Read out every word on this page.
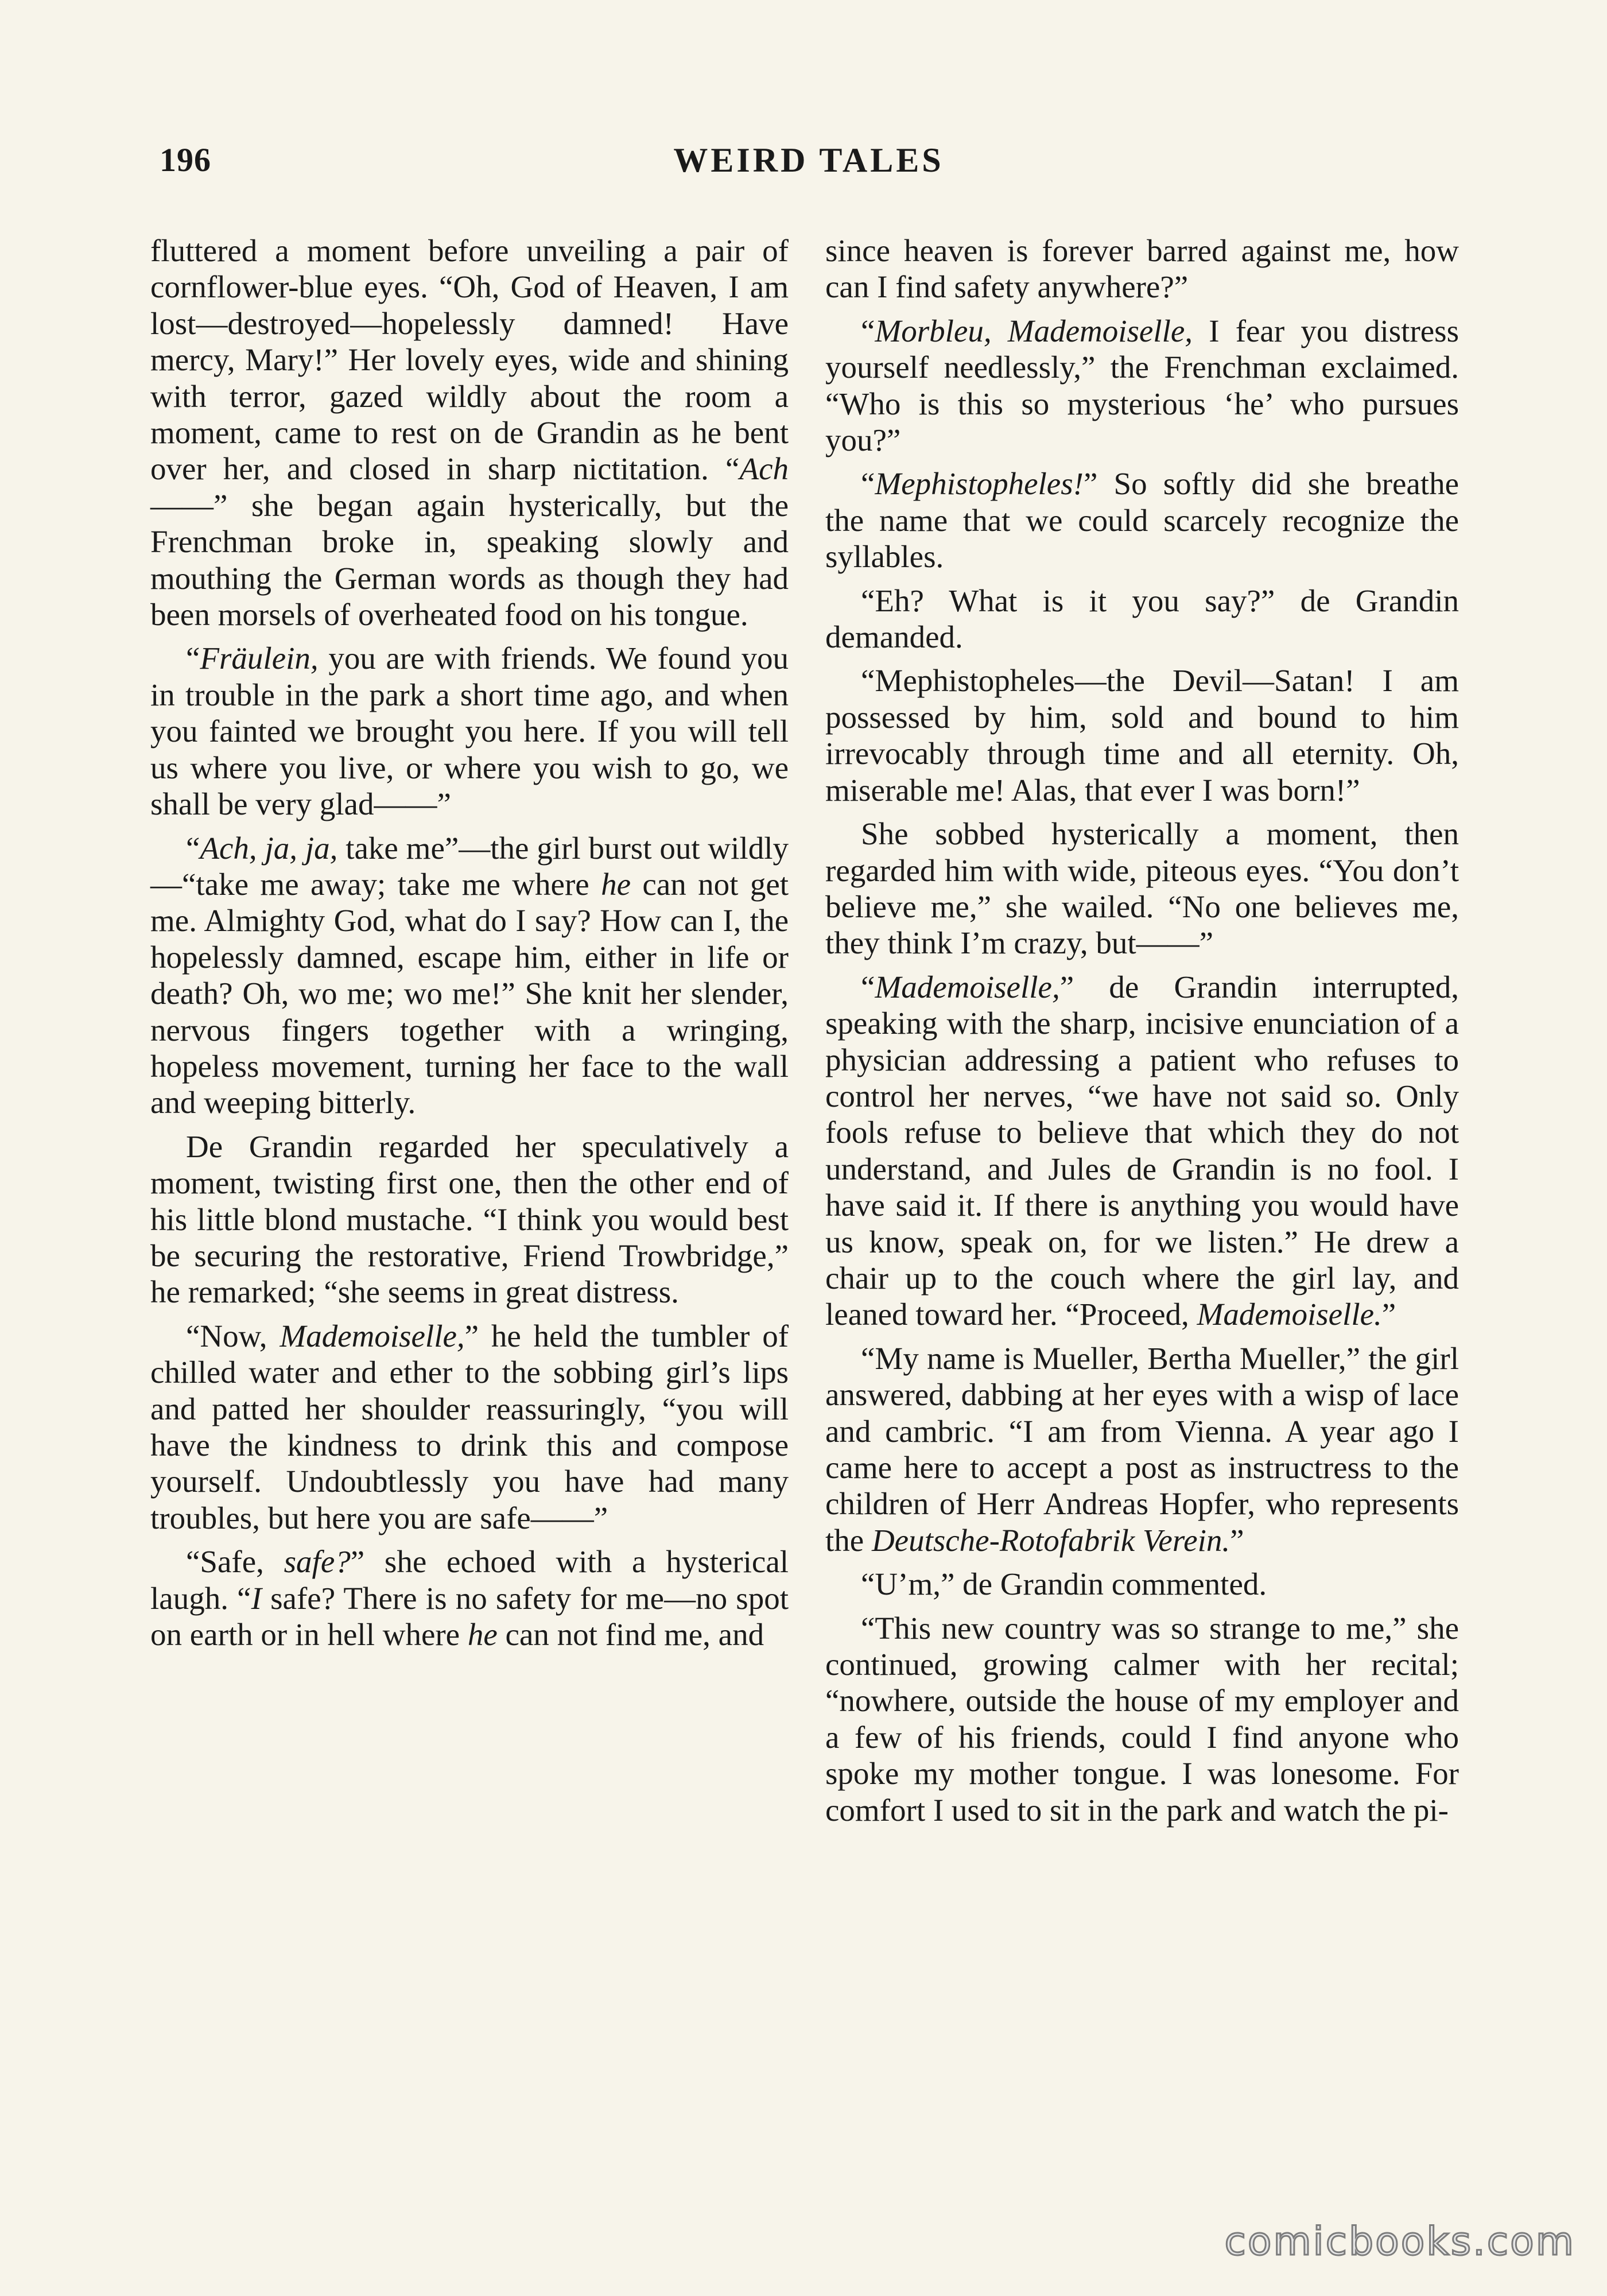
196	WEIRD TALES

fluttered a moment before unveiling a pair of cornflower-blue eyes. “Oh, God of Heaven, I am lost—destroyed—hopelessly damned! Have mercy, Mary!” Her lovely eyes, wide and shining with terror, gazed wildly about the room a moment, came to rest on de Grandin as he bent over her, and closed in sharp nictitation. “Ach——” she began again hysterically, but the Frenchman broke in, speaking slowly and mouthing the German words as though they had been morsels of overheated food on his tongue.

“Fräulein, you are with friends. We found you in trouble in the park a short time ago, and when you fainted we brought you here. If you will tell us where you live, or where you wish to go, we shall be very glad——”

“Ach, ja, ja, take me”—the girl burst out wildly—“take me away; take me where he can not get me. Almighty God, what do I say? How can I, the hopelessly damned, escape him, either in life or death? Oh, wo me; wo me!” She knit her slender, nervous fingers together with a wringing, hopeless movement, turning her face to the wall and weeping bitterly.

De Grandin regarded her speculatively a moment, twisting first one, then the other end of his little blond mustache. “I think you would best be securing the restorative, Friend Trowbridge,” he remarked; “she seems in great distress.

“Now, Mademoiselle,” he held the tumbler of chilled water and ether to the sobbing girl’s lips and patted her shoulder reassuringly, “you will have the kindness to drink this and compose yourself. Undoubtlessly you have had many troubles, but here you are safe——”

“Safe, safe?” she echoed with a hysterical laugh. “I safe? There is no safety for me—no spot on earth or in hell where he can not find me, and

since heaven is forever barred against me, how can I find safety anywhere?”

“Morbleu, Mademoiselle, I fear you distress yourself needlessly,” the Frenchman exclaimed. “Who is this so mysterious ‘he’ who pursues you?”

“Mephistopheles!” So softly did she breathe the name that we could scarcely recognize the syllables.

“Eh? What is it you say?” de Grandin demanded.

“Mephistopheles—the Devil—Satan! I am possessed by him, sold and bound to him irrevocably through time and all eternity. Oh, miserable me! Alas, that ever I was born!”

She sobbed hysterically a moment, then regarded him with wide, piteous eyes. “You don’t believe me,” she wailed. “No one believes me, they think I’m crazy, but——”

“Mademoiselle,” de Grandin interrupted, speaking with the sharp, incisive enunciation of a physician addressing a patient who refuses to control her nerves, “we have not said so. Only fools refuse to believe that which they do not understand, and Jules de Grandin is no fool. I have said it. If there is anything you would have us know, speak on, for we listen.” He drew a chair up to the couch where the girl lay, and leaned toward her. “Proceed, Mademoiselle.”

“My name is Mueller, Bertha Mueller,” the girl answered, dabbing at her eyes with a wisp of lace and cambric. “I am from Vienna. A year ago I came here to accept a post as instructress to the children of Herr Andreas Hopfer, who represents the Deutsche-Rotofabrik Verein.”

“U’m,” de Grandin commented.

“This new country was so strange to me,” she continued, growing calmer with her recital; “nowhere, outside the house of my employer and a few of his friends, could I find anyone who spoke my mother tongue. I was lonesome. For comfort I used to sit in the park and watch the pi-

comicbooks.com
